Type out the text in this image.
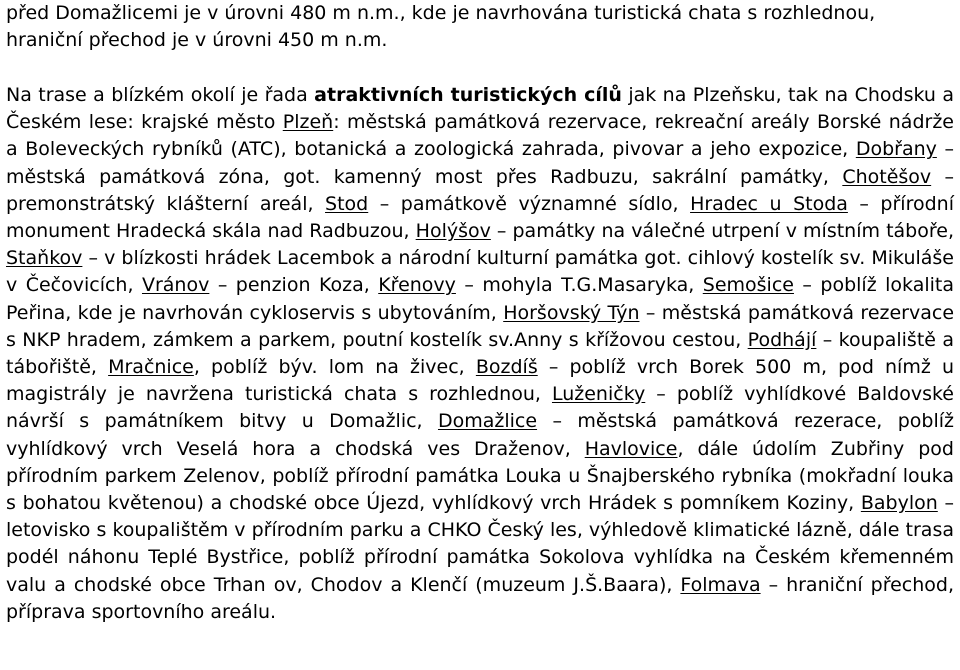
před Domažlicemi je v úrovni 480 m n.m., kde je navrhována turistická chata s rozhlednou, hraniční přechod je v úrovni 450 m n.m.

Na trase a blízkém okolí je řada atraktivních turistických cílů jak na Plzeňsku, tak na Chodsku a Českém lese: krajské město Plzeň: městská památková rezervace, rekreační areály Borské nádrže a Boleveckých rybníků (ATC), botanická a zoologická zahrada, pivovar a jeho expozice, Dobřany – městská památková zóna, got. kamenný most přes Radbuzu, sakrální památky, Chotěšov – premonstrátský klášterní areál, Stod – památkově významné sídlo, Hradec u Stoda – přírodní monument Hradecká skála nad Radbuzou, Holýšov – památky na válečné utrpení v místním táboře, Staňkov – v blízkosti hrádek Lacembok a národní kulturní památka got. cihlový kostelík sv. Mikuláše v Čečovicích, Vránov – penzion Koza, Křenovy – mohyla T.G.Masaryka, Semošice – poblíž lokalita Peřina, kde je navrhován cykloservis s ubytováním, Horšovský Týn – městská památková rezervace s NKP hradem, zámkem a parkem, poutní kostelík sv.Anny s křížovou cestou, Podhájí – koupaliště a tábořiště, Mračnice, poblíž býv. lom na živec, Bozdíš – poblíž vrch Borek 500 m, pod nímž u magistrály je navržena turistická chata s rozhlednou, Luženičky – poblíž vyhlídkové Baldovské návrší s památníkem bitvy u Domažlic, Domažlice – městská památková rezerace, poblíž vyhlídkový vrch Veselá hora a chodská ves Draženov, Havlovice, dále údolím Zubřiny pod přírodním parkem Zelenov, poblíž přírodní památka Louka u Šnajberského rybníka (mokřadní louka s bohatou květenou) a chodské obce Újezd, vyhlídkový vrch Hrádek s pomníkem Koziny, Babylon – letovisko s koupalištěm v přírodním parku a CHKO Český les, výhledově klimatické lázně, dále trasa podél náhonu Teplé Bystřice, poblíž přírodní památka Sokolova vyhlídka na Českém křemenném valu a chodské obce Trhan ov, Chodov a Klenčí (muzeum J.Š.Baara), Folmava – hraniční přechod, příprava sportovního areálu.
